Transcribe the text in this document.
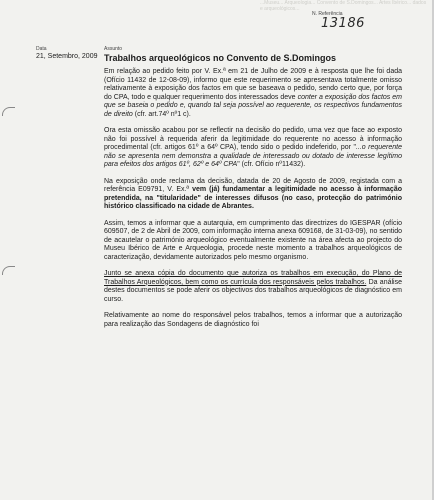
...Museu... Arqueologia... Convento de S.Domingos... Artes Ibérico... dados e arqueológicos...
N. Referência
13186
Data	Assunto
21, Setembro, 2009 Trabalhos arqueológicos no Convento de S.Domingos

Em relação ao pedido feito por V. Ex.ª em 21 de Julho de 2009 e à resposta que lhe foi dada (Ofício 11432 de 12-08-09), informo que este requerimento se apresentava totalmente omisso relativamente à exposição dos factos em que se baseava o pedido, sendo certo que, por força do CPA, todo e qualquer requerimento dos interessados deve conter a exposição dos factos em que se baseia o pedido e, quando tal seja possível ao requerente, os respectivos fundamentos de direito (cfr. art.74º nº1 c).

Ora esta omissão acabou por se reflectir na decisão do pedido, uma vez que face ao exposto não foi possível à requerida aferir da legitimidade do requerente no acesso à informação procedimental (cfr. artigos 61º a 64º CPA), tendo sido o pedido indeferido, por "...o requerente não se apresenta nem demonstra a qualidade de interessado ou dotado de interesse legítimo para efeitos dos artigos 61º, 62º e 64º CPA" (cfr. Ofício nº11432).

Na exposição onde reclama da decisão, datada de 20 de Agosto de 2009, registada com a referência E09791, V. Ex.ª vem (já) fundamentar a legitimidade no acesso à informação pretendida, na "titularidade" de interesses difusos (no caso, protecção do património histórico classificado na cidade de Abrantes.

Assim, temos a informar que a autarquia, em cumprimento das directrizes do IGESPAR (ofício 609507, de 2 de Abril de 2009, com informação interna anexa 609168, de 31-03-09), no sentido de acautelar o património arqueológico eventualmente existente na área afecta ao projecto do Museu Ibérico de Arte e Arqueologia, procede neste momento a trabalhos arqueológicos de caracterização, devidamente autorizados pelo mesmo organismo.

Junto se anexa cópia do documento que autoriza os trabalhos em execução, do Plano de Trabalhos Arqueológicos, bem como os currícula dos responsáveis pelos trabalhos. Da análise destes documentos se pode aferir os objectivos dos trabalhos arqueológicos de diagnóstico em curso.

Relativamente ao nome do responsável pelos trabalhos, temos a informar que a autorização para realização das Sondagens de diagnóstico foi
